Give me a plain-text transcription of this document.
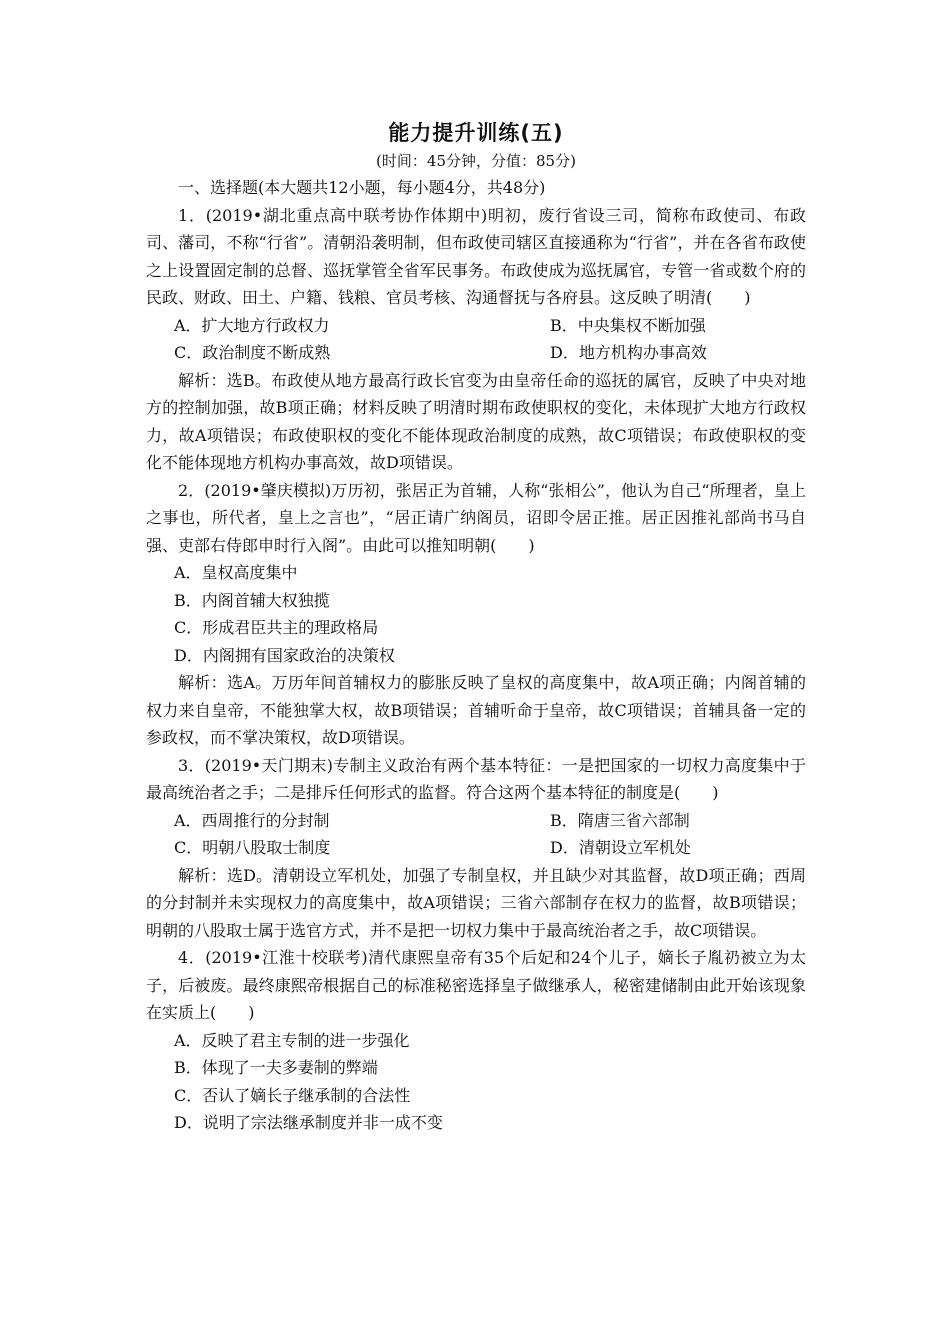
能力提升训练(五)
(时间：45分钟，分值：85分)
一、选择题(本大题共12小题，每小题4分，共48分)
1．(2019•湖北重点高中联考协作体期中)明初，废行省设三司，简称布政使司、布政司、藩司，不称“行省”。清朝沿袭明制，但布政使司辖区直接通称为“行省”，并在各省布政使之上设置固定制的总督、巡抚掌管全省军民事务。布政使成为巡抚属官，专管一省或数个府的民政、财政、田土、户籍、钱粮、官员考核、沟通督抚与各府县。这反映了明清(　　)
A．扩大地方行政权力	B．中央集权不断加强
C．政治制度不断成熟	D．地方机构办事高效
解析：选B。布政使从地方最高行政长官变为由皇帝任命的巡抚的属官，反映了中央对地方的控制加强，故B项正确；材料反映了明清时期布政使职权的变化，未体现扩大地方行政权力，故A项错误；布政使职权的变化不能体现政治制度的成熟，故C项错误；布政使职权的变化不能体现地方机构办事高效，故D项错误。
2．(2019•肇庆模拟)万历初，张居正为首辅，人称“张相公”，他认为自己“所理者，皇上之事也，所代者，皇上之言也”，“居正请广纳阁员，诏即令居正推。居正因推礼部尚书马自强、吏部右侍郎申时行入阁”。由此可以推知明朝(　　)
A．皇权高度集中
B．内阁首辅大权独揽
C．形成君臣共主的理政格局
D．内阁拥有国家政治的决策权
解析：选A。万历年间首辅权力的膨胀反映了皇权的高度集中，故A项正确；内阁首辅的权力来自皇帝，不能独掌大权，故B项错误；首辅听命于皇帝，故C项错误；首辅具备一定的参政权，而不掌决策权，故D项错误。
3．(2019•天门期末)专制主义政治有两个基本特征：一是把国家的一切权力高度集中于最高统治者之手；二是排斥任何形式的监督。符合这两个基本特征的制度是(　　)
A．西周推行的分封制	B．隋唐三省六部制
C．明朝八股取士制度	D．清朝设立军机处
解析：选D。清朝设立军机处，加强了专制皇权，并且缺少对其监督，故D项正确；西周的分封制并未实现权力的高度集中，故A项错误；三省六部制存在权力的监督，故B项错误；明朝的八股取士属于选官方式，并不是把一切权力集中于最高统治者之手，故C项错误。
4．(2019•江淮十校联考)清代康熙皇帝有35个后妃和24个儿子，嫡长子胤礽被立为太子，后被废。最终康熙帝根据自己的标准秘密选择皇子做继承人，秘密建储制由此开始该现象在实质上(　　)
A．反映了君主专制的进一步强化
B．体现了一夫多妻制的弊端
C．否认了嫡长子继承制的合法性
D．说明了宗法继承制度并非一成不变
